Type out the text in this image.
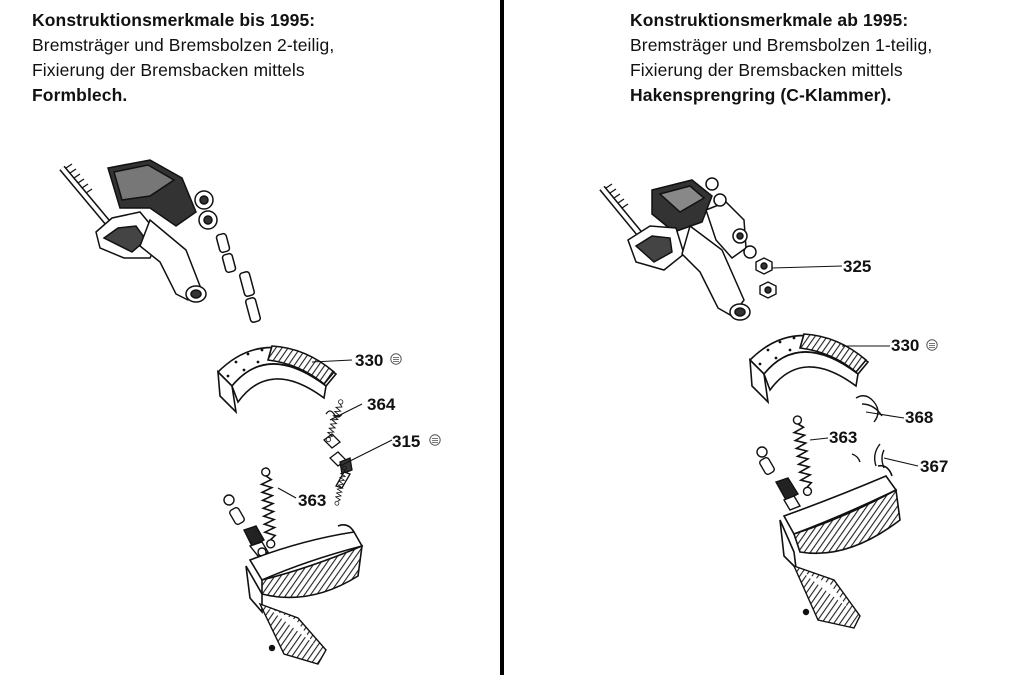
Konstruktionsmerkmale bis 1995:
Bremsträger und Bremsbolzen 2-teilig,
Fixierung der Bremsbacken mittels
Formblech.
Konstruktionsmerkmale ab 1995:
Bremsträger und Bremsbolzen 1-teilig,
Fixierung der Bremsbacken mittels
Hakensprengring (C-Klammer).
330
364
315
363
325
330
368
363
367
